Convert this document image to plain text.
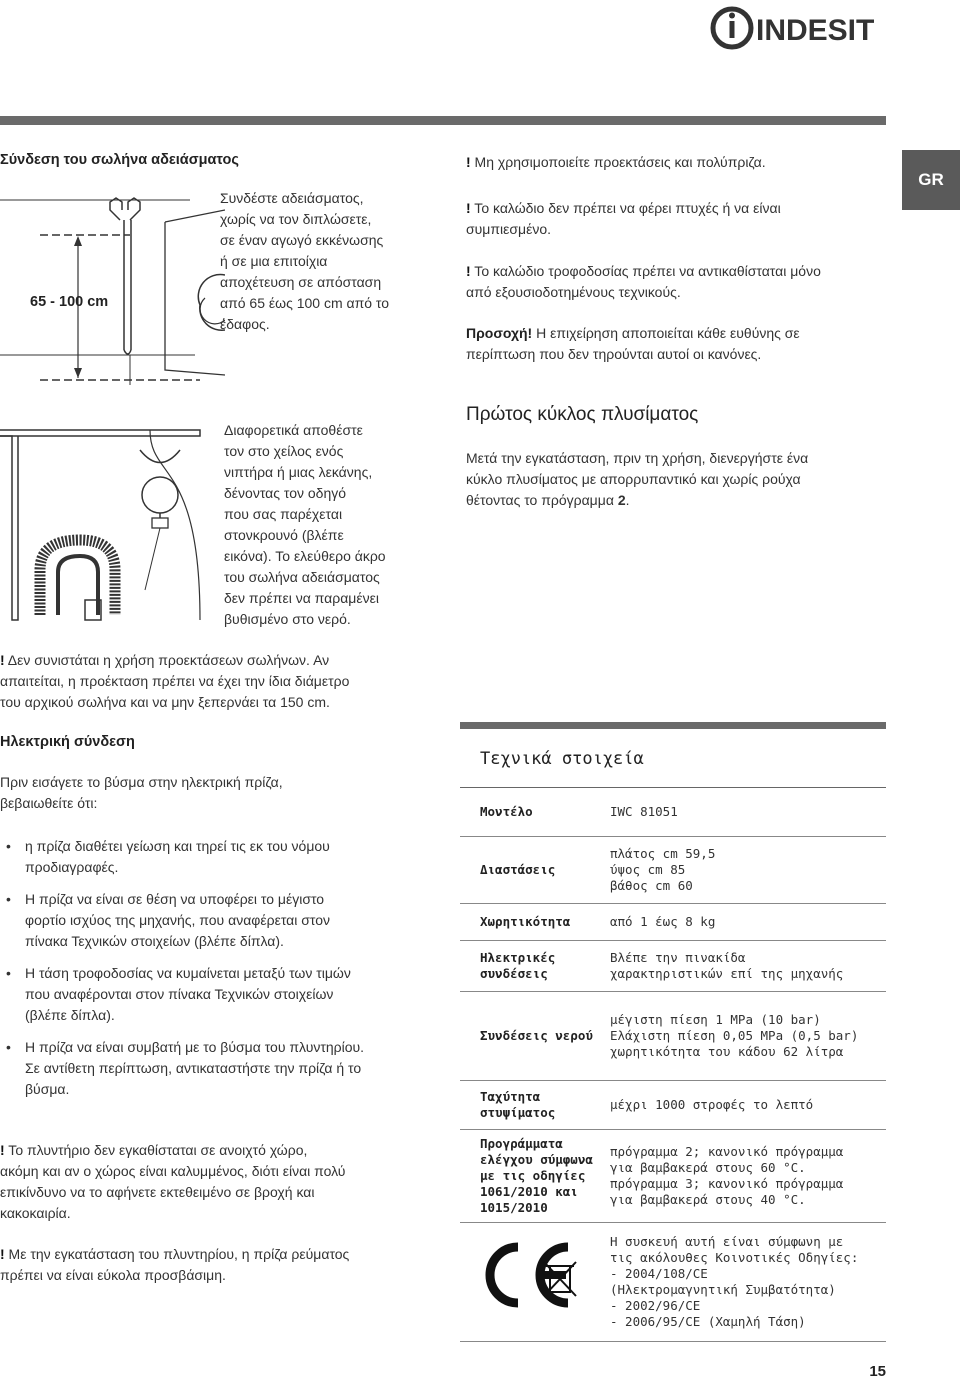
INDESIT
GR
Σύνδεση του σωλήνα αδειάσματος
65 - 100 cm
Συνδέστε αδειάσματος,
χωρίς να τον διπλώσετε,
σε έναν αγωγό εκκένωσης
ή σε μια επιτοίχια
αποχέτευση σε απόσταση
από 65 έως 100 cm από το
έδαφος.
Διαφορετικά αποθέστε
τον στο χείλος ενός
νιπτήρα ή μιας λεκάνης,
δένοντας τον οδηγό
που σας παρέχεται
στονκρουνό (βλέπε
εικόνα). Το ελεύθερο άκρο
του σωλήνα αδειάσματος
δεν πρέπει να παραμένει
βυθισμένο στο νερό.
! Δεν συνιστάται η χρήση προεκτάσεων σωλήνων. Αν
απαιτείται, η προέκταση πρέπει να έχει την ίδια διάμετρο
του αρχικού σωλήνα και να μην ξεπερνάει τα 150 cm.
Ηλεκτρική σύνδεση
Πριν εισάγετε το βύσμα στην ηλεκτρική πρίζα,
βεβαιωθείτε ότι:
• η πρίζα διαθέτει γείωση και τηρεί τις εκ του νόμου
προδιαγραφές.
• Η πρίζα να είναι σε θέση να υποφέρει το μέγιστο
φορτίο ισχύος της μηχανής, που αναφέρεται στον
πίνακα Τεχνικών στοιχείων (βλέπε δίπλα).
• Η τάση τροφοδοσίας να κυμαίνεται μεταξύ των τιμών
που αναφέρονται στον πίνακα Τεχνικών στοιχείων
(βλέπε δίπλα).
• Η πρίζα να είναι συμβατή με το βύσμα του πλυντηρίου.
Σε αντίθετη περίπτωση, αντικαταστήστε την πρίζα ή το
βύσμα.
! Το πλυντήριο δεν εγκαθίσταται σε ανοιχτό χώρο,
ακόμη και αν ο χώρος είναι καλυμμένος, διότι είναι πολύ
επικίνδυνο να το αφήνετε εκτεθειμένο σε βροχή και
κακοκαιρία.
! Με την εγκατάσταση του πλυντηρίου, η πρίζα ρεύματος
πρέπει να είναι εύκολα προσβάσιμη.
! Μη χρησιμοποιείτε προεκτάσεις και πολύπριζα.
! Το καλώδιο δεν πρέπει να φέρει πτυχές ή να είναι
συμπιεσμένο.
! Το καλώδιο τροφοδοσίας πρέπει να αντικαθίσταται μόνο
από εξουσιοδοτημένους τεχνικούς.
Προσοχή! Η επιχείρηση αποποιείται κάθε ευθύνης σε
περίπτωση που δεν τηρούνται αυτοί οι κανόνες.
Πρώτος κύκλος πλυσίματος
Μετά την εγκατάσταση, πριν τη χρήση, διενεργήστε ένα
κύκλο πλυσίματος με απορρυπαντικό και χωρίς ρούχα
θέτοντας το πρόγραμμα 2.
Τεχνικά στοιχεία
Μοντέλο	IWC 81051
Διαστάσεις
πλάτος cm 59,5
ύψος cm 85
βάθος cm 60
Χωρητικότητα	από 1 έως 8 kg
Ηλεκτρικές
συνδέσεις
Βλέπε την πινακίδα
χαρακτηριστικών επί της μηχανής
Συνδέσεις νερού
μέγιστη πίεση 1 MPa (10 bar)
Ελάχιστη πίεση 0,05 MPa (0,5 bar)
χωρητικότητα του κάδου 62 λίτρα
Ταχύτητα
στυψίματος
μέχρι 1000 στροφές το λεπτό
Προγράμματα
ελέγχου σύμφωνα
με τις οδηγίες
1061/2010 και
1015/2010
πρόγραμμα 2; κανονικό πρόγραμμα
για βαμβακερά στους 60 °C.
πρόγραμμα 3; κανονικό πρόγραμμα
για βαμβακερά στους 40 °C.
Η συσκευή αυτή είναι σύμφωνη με
τις ακόλουθες Κοινοτικές Οδηγίες:
- 2004/108/CE
(Ηλεκτρομαγνητική Συμβατότητα)
- 2002/96/CE
- 2006/95/CE (Χαμηλή Τάση)
15
